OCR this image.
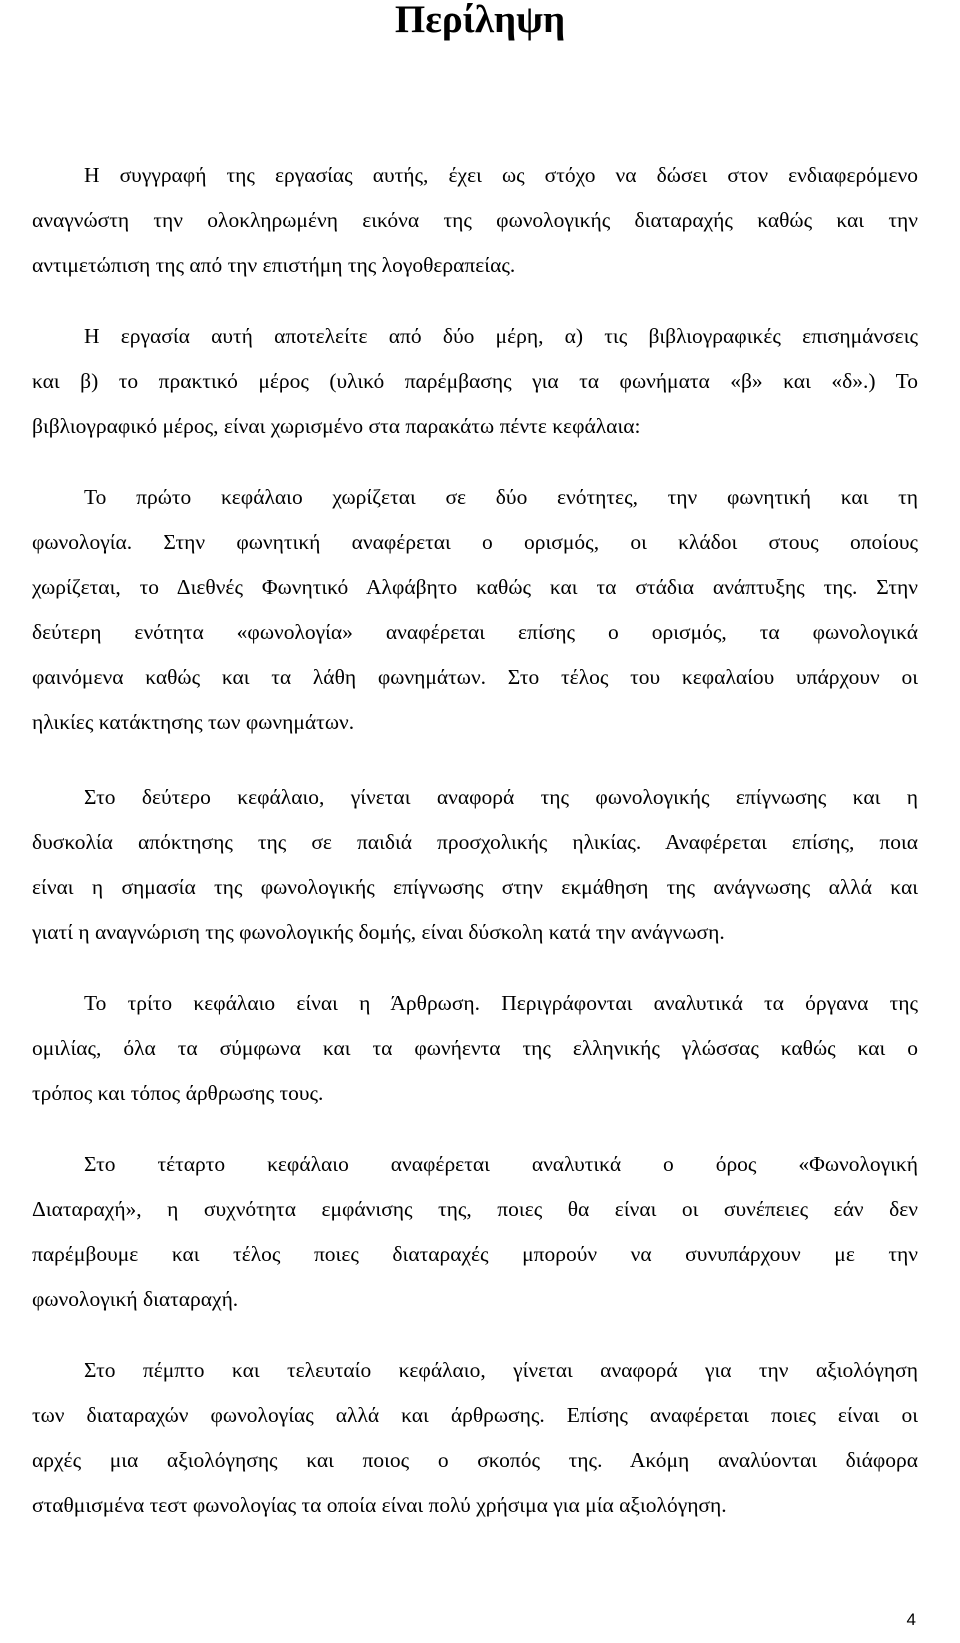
Περίληψη
Η συγγραφή της εργασίας αυτής, έχει ως στόχο να δώσει στον ενδιαφερόμενο
αναγνώστη την ολοκληρωμένη εικόνα της φωνολογικής διαταραχής καθώς και την
αντιμετώπιση της από την επιστήμη της λογοθεραπείας.
Η εργασία αυτή αποτελείτε από δύο μέρη, α) τις βιβλιογραφικές επισημάνσεις
και β) το πρακτικό μέρος (υλικό παρέμβασης για τα φωνήματα «β» και «δ».) Το
βιβλιογραφικό μέρος, είναι χωρισμένο στα παρακάτω πέντε κεφάλαια:
Το πρώτο κεφάλαιο χωρίζεται σε δύο ενότητες, την φωνητική και τη
φωνολογία. Στην φωνητική αναφέρεται ο ορισμός, οι κλάδοι στους οποίους
χωρίζεται, το Διεθνές Φωνητικό Αλφάβητο καθώς και τα στάδια ανάπτυξης της. Στην
δεύτερη ενότητα «φωνολογία» αναφέρεται επίσης ο ορισμός, τα φωνολογικά
φαινόμενα καθώς και τα λάθη φωνημάτων. Στο τέλος του κεφαλαίου υπάρχουν οι
ηλικίες κατάκτησης των φωνημάτων.
Στο δεύτερο κεφάλαιο, γίνεται αναφορά της φωνολογικής επίγνωσης και η
δυσκολία απόκτησης της σε παιδιά προσχολικής ηλικίας. Αναφέρεται επίσης, ποια
είναι η σημασία της φωνολογικής επίγνωσης στην εκμάθηση της ανάγνωσης αλλά και
γιατί η αναγνώριση της φωνολογικής δομής, είναι δύσκολη κατά την ανάγνωση.
Το τρίτο κεφάλαιο είναι η Άρθρωση. Περιγράφονται αναλυτικά τα όργανα της
ομιλίας, όλα τα σύμφωνα και τα φωνήεντα της ελληνικής γλώσσας καθώς και ο
τρόπος και τόπος άρθρωσης τους.
Στο τέταρτο κεφάλαιο αναφέρεται αναλυτικά ο όρος «Φωνολογική
Διαταραχή», η συχνότητα εμφάνισης της, ποιες θα είναι οι συνέπειες εάν δεν
παρέμβουμε και τέλος ποιες διαταραχές μπορούν να συνυπάρχουν με την
φωνολογική διαταραχή.
Στο πέμπτο και τελευταίο κεφάλαιο, γίνεται αναφορά για την αξιολόγηση
των διαταραχών φωνολογίας αλλά και άρθρωσης. Επίσης αναφέρεται ποιες είναι οι
αρχές μια αξιολόγησης και ποιος ο σκοπός της. Ακόμη αναλύονται διάφορα
σταθμισμένα τεστ φωνολογίας τα οποία είναι πολύ χρήσιμα για μία αξιολόγηση.
4
